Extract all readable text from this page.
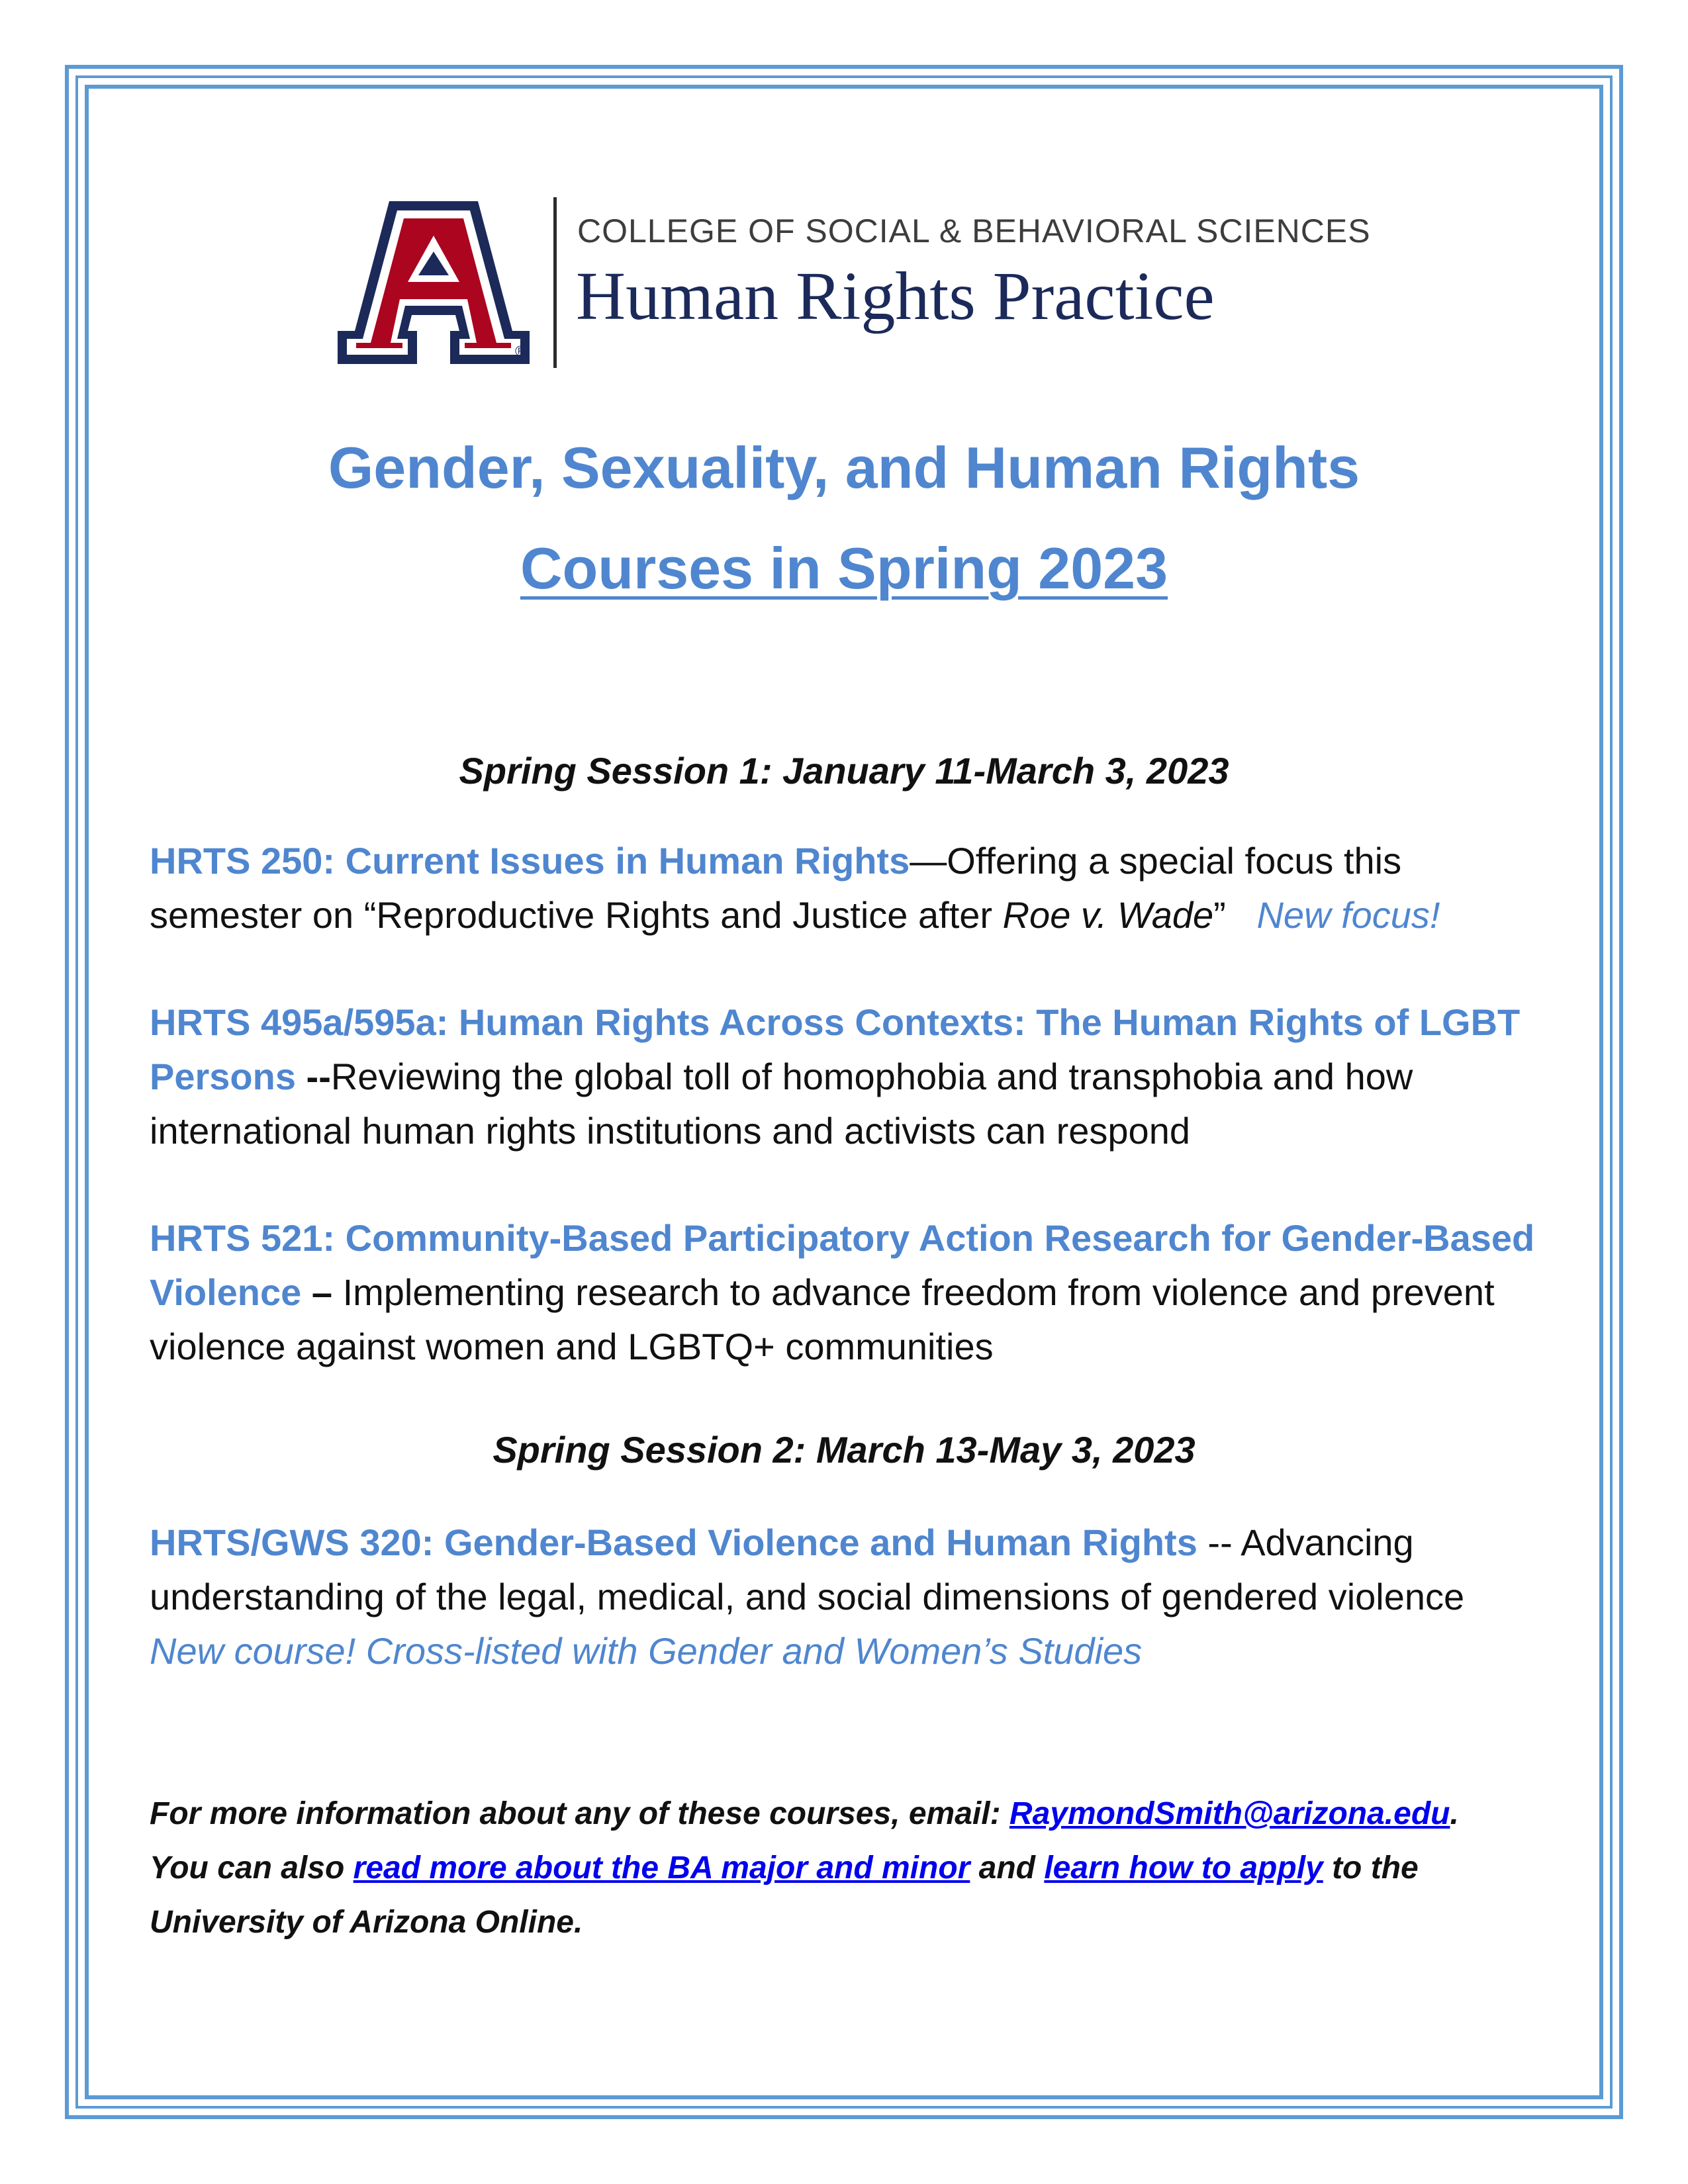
®
COLLEGE OF SOCIAL & BEHAVIORAL SCIENCES
Human Rights Practice
Gender, Sexuality, and Human Rights
Courses in Spring 2023
Spring Session 1: January 11-March 3, 2023
HRTS 250: Current Issues in Human Rights—Offering a special focus this semester on “Reproductive Rights and Justice after Roe v. Wade” New focus!
HRTS 495a/595a: Human Rights Across Contexts: The Human Rights of LGBT Persons --Reviewing the global toll of homophobia and transphobia and how international human rights institutions and activists can respond
HRTS 521: Community-Based Participatory Action Research for Gender-Based Violence – Implementing research to advance freedom from violence and prevent violence against women and LGBTQ+ communities
Spring Session 2: March 13-May 3, 2023
HRTS/GWS 320: Gender-Based Violence and Human Rights -- Advancing understanding of the legal, medical, and social dimensions of gendered violence   New course! Cross-listed with Gender and Women’s Studies
For more information about any of these courses, email: RaymondSmith@arizona.edu.
You can also read more about the BA major and minor and learn how to apply to the University of Arizona Online.
